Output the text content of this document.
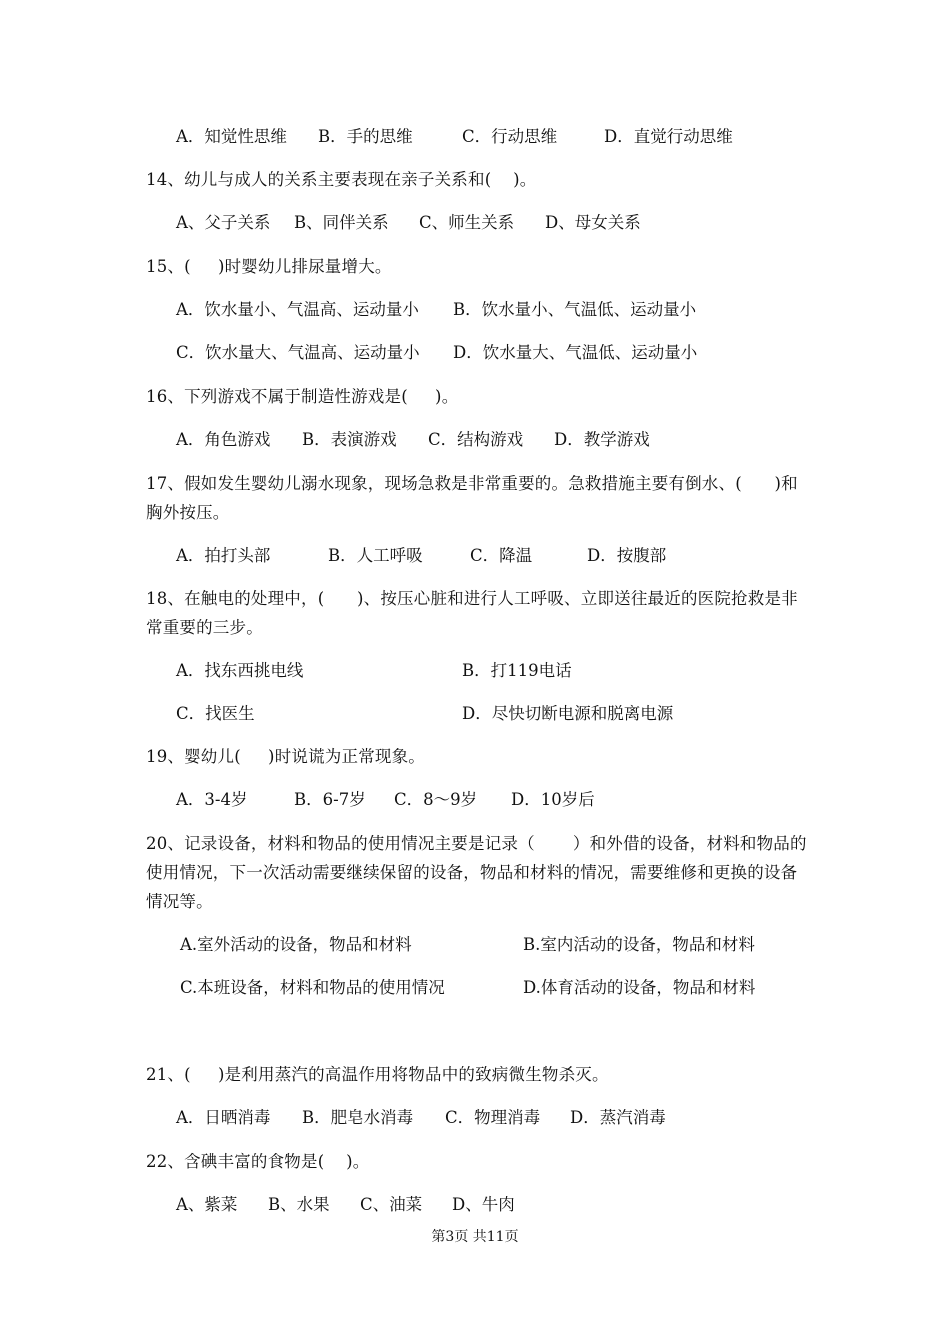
A．知觉性思维 B．手的思维	C．行动思维	D．直觉行动思维
14、幼儿与成人的关系主要表现在亲子关系和(    )。
A、父子关系 B、同伴关系 C、师生关系 D、母女关系
15、(     )时婴幼儿排尿量增大。
A．饮水量小、气温高、运动量小 B．饮水量小、气温低、运动量小
C．饮水量大、气温高、运动量小 D．饮水量大、气温低、运动量小
16、下列游戏不属于制造性游戏是(     )。
A．角色游戏 B．表演游戏 C．结构游戏 D．教学游戏
17、假如发生婴幼儿溺水现象，现场急救是非常重要的。急救措施主要有倒水、(      )和
胸外按压。
A．拍打头部	B．人工呼吸	C．降温	D．按腹部
18、在触电的处理中，(      )、按压心脏和进行人工呼吸、立即送往最近的医院抢救是非
常重要的三步。
A．找东西挑电线	B．打119电话
C．找医生	D．尽快切断电源和脱离电源
19、婴幼儿(     )时说谎为正常现象。
A．3-4岁	B．6-7岁 C．8～9岁 D．10岁后
20、记录设备，材料和物品的使用情况主要是记录（       ）和外借的设备，材料和物品的
使用情况，下一次活动需要继续保留的设备，物品和材料的情况，需要维修和更换的设备
情况等。
A.室外活动的设备，物品和材料	B.室内活动的设备，物品和材料
C.本班设备，材料和物品的使用情况	D.体育活动的设备，物品和材料
21、(     )是利用蒸汽的高温作用将物品中的致病微生物杀灭。
A．日晒消毒 B．肥皂水消毒 C．物理消毒 D．蒸汽消毒
22、含碘丰富的食物是(    )。
A、紫菜 B、水果 C、油菜 D、牛肉
第3页 共11页
